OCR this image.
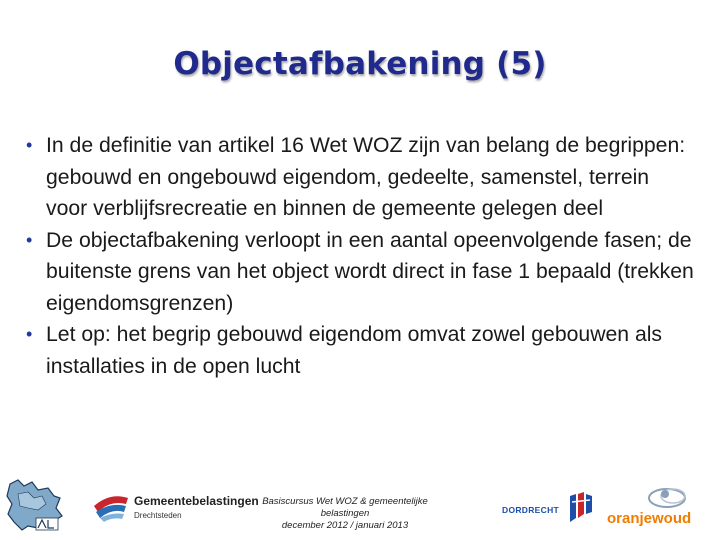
Objectafbakening (5)
• In de definitie van artikel 16 Wet WOZ zijn van belang de begrippen: gebouwd en ongebouwd eigendom, gedeelte, samenstel, terrein voor verblijfsrecreatie en binnen de gemeente gelegen deel
• De objectafbakening verloopt in een aantal opeenvolgende fasen; de buitenste grens van het object wordt direct in fase 1 bepaald (trekken eigendomsgrenzen)
• Let op: het begrip gebouwd eigendom omvat zowel gebouwen als installaties in de open lucht
Gemeentebelastingen
Drechtsteden
Basiscursus Wet WOZ & gemeentelijke belastingen
december 2012 / januari 2013
DORDRECHT	oranjewoud
